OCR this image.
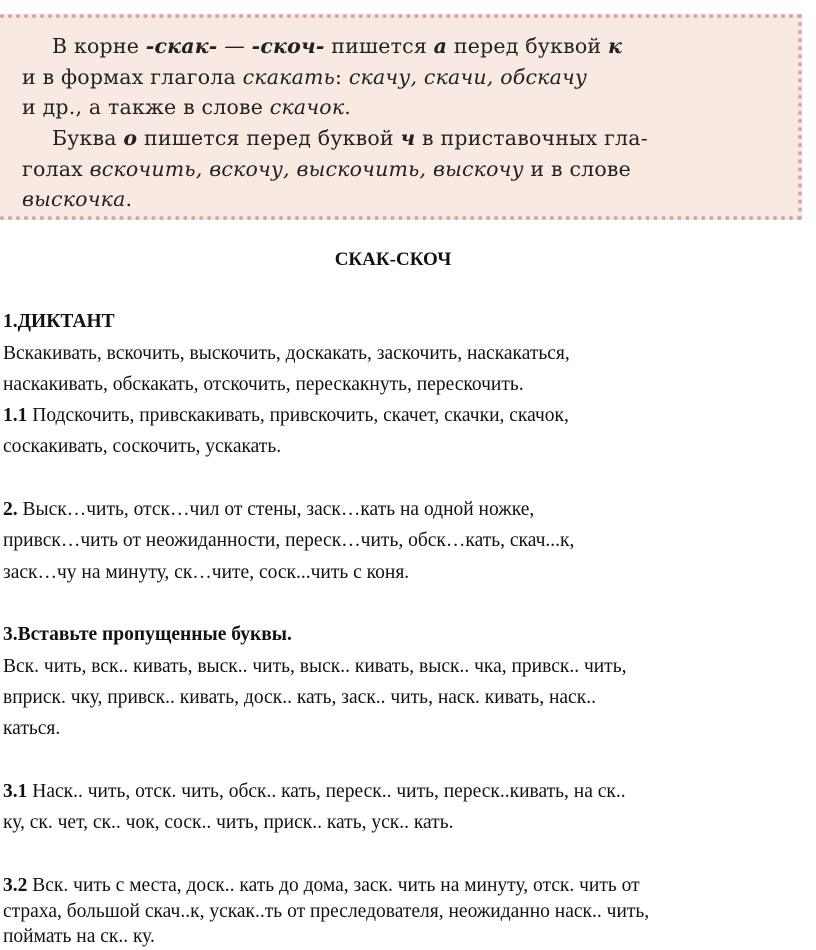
В корне -скак- — -скоч- пишется а перед буквой к
и в формах глагола скакать: скачу, скачи, обскачу
и др., а также в слове скачок.
Буква о пишется перед буквой ч в приставочных гла-
голах вскочить, вскочу, выскочить, выскочу и в слове
выскочка.
СКАК-СКОЧ
1.ДИКТАНТ
Вскакивать, вскочить, выскочить, доскакать, заскочить, наскакаться,
наскакивать, обскакать, отскочить, перескакнуть, перескочить.
1.1 Подскочить, привскакивать, привскочить, скачет, скачки, скачок,
соскакивать, соскочить, ускакать.
2. Выск…чить, отск…чил от стены, заск…кать на одной ножке,
привск…чить от неожиданности, переск…чить, обск…кать, скач...к,
заск…чу на минуту, ск…чите, соск...чить с коня.
3.Вставьте пропущенные буквы.
Вск. чить, вск.. кивать, выск.. чить, выск.. кивать, выск.. чка, привск.. чить,
вприск. чку, привск.. кивать, доск.. кать, заск.. чить, наск. кивать, наск..
каться.
3.1 Наск.. чить, отск. чить, обск.. кать, переск.. чить, переск..кивать, на ск..
ку, ск. чет, ск.. чок, соск.. чить, приск.. кать, уск.. кать.
3.2 Вск. чить с места, доск.. кать до дома, заск. чить на минуту, отск. чить от
страха, большой скач..к, ускак..ть от преследователя, неожиданно наск.. чить,
поймать на ск.. ку.
